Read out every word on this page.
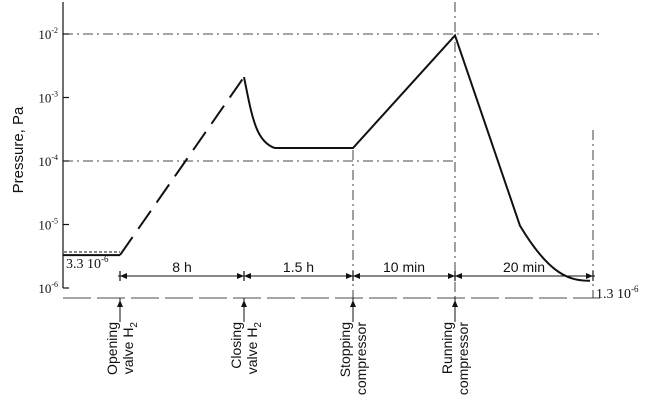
$10^{-2}$
$10^{-3}$
$10^{-4}$
$10^{-5}$
$10^{-6}$
Pressure, Pa
8 h	1.5 h	10 min	20 min
3.3 $10^{-6}$
1.3 $10^{-6}$
Opening valve $H_2$	Closing valve $H_2$	Stopping compressor	Running compressor
